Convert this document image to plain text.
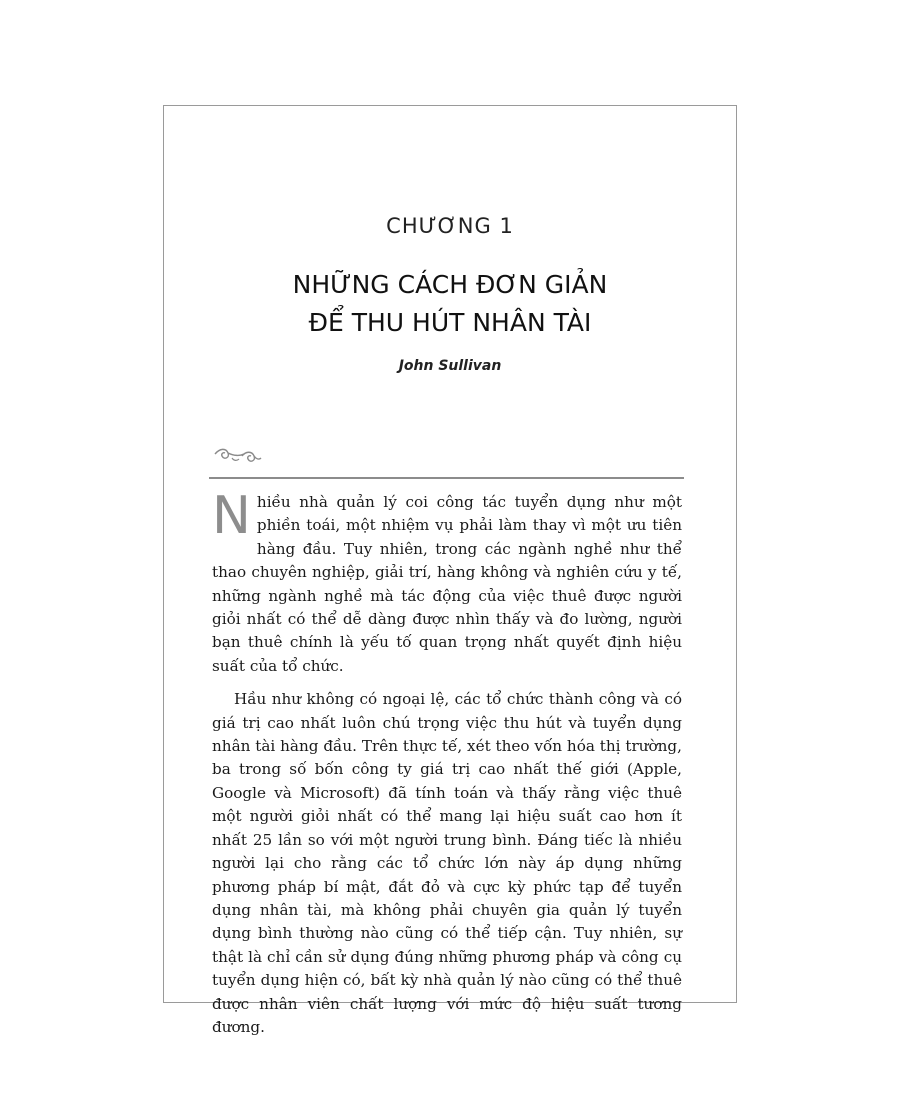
CHƯƠNG 1
NHỮNG CÁCH ĐƠN GIẢN
ĐỂ THU HÚT NHÂN TÀI
John Sullivan

Nhiều nhà quản lý coi công tác tuyển dụng như một phiền toái, một nhiệm vụ phải làm thay vì một ưu tiên hàng đầu. Tuy nhiên, trong các ngành nghề như thể thao chuyên nghiệp, giải trí, hàng không và nghiên cứu y tế, những ngành nghề mà tác động của việc thuê được người giỏi nhất có thể dễ dàng được nhìn thấy và đo lường, người bạn thuê chính là yếu tố quan trọng nhất quyết định hiệu suất của tổ chức.

Hầu như không có ngoại lệ, các tổ chức thành công và có giá trị cao nhất luôn chú trọng việc thu hút và tuyển dụng nhân tài hàng đầu. Trên thực tế, xét theo vốn hóa thị trường, ba trong số bốn công ty giá trị cao nhất thế giới (Apple, Google và Microsoft) đã tính toán và thấy rằng việc thuê một người giỏi nhất có thể mang lại hiệu suất cao hơn ít nhất 25 lần so với một người trung bình. Đáng tiếc là nhiều người lại cho rằng các tổ chức lớn này áp dụng những phương pháp bí mật, đắt đỏ và cực kỳ phức tạp để tuyển dụng nhân tài, mà không phải chuyên gia quản lý tuyển dụng bình thường nào cũng có thể tiếp cận. Tuy nhiên, sự thật là chỉ cần sử dụng đúng những phương pháp và công cụ tuyển dụng hiện có, bất kỳ nhà quản lý nào cũng có thể thuê được nhân viên chất lượng với mức độ hiệu suất tương đương.
